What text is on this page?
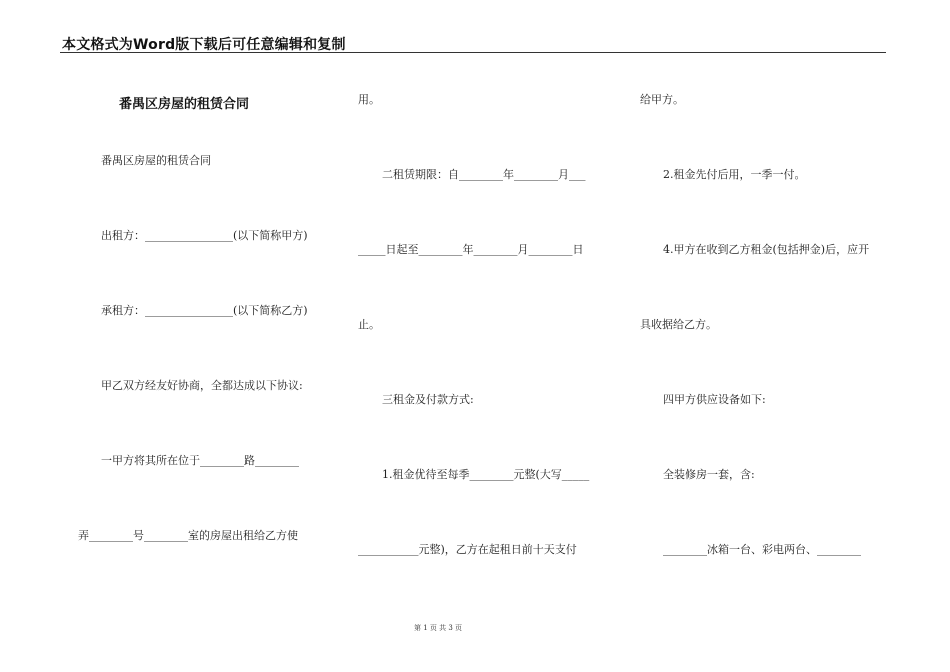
本文格式为Word版下载后可任意编辑和复制
番禺区房屋的租赁合同
番禺区房屋的租赁合同
出租方：________________(以下简称甲方)
承租方：________________(以下简称乙方)
甲乙双方经友好协商，全都达成以下协议:
一甲方将其所在位于________路________
弄________号________室的房屋出租给乙方使
用。
二租赁期限：自________年________月___
_____日起至________年________月________日
止。
三租金及付款方式:
1.租金优待至每季________元整(大写_____
___________元整)，乙方在起租日前十天支付
给甲方。
2.租金先付后用，一季一付。
4.甲方在收到乙方租金(包括押金)后，应开
具收据给乙方。
四甲方供应设备如下:
全装修房一套，含:
________冰箱一台、彩电两台、________
第 1 页 共 3 页
